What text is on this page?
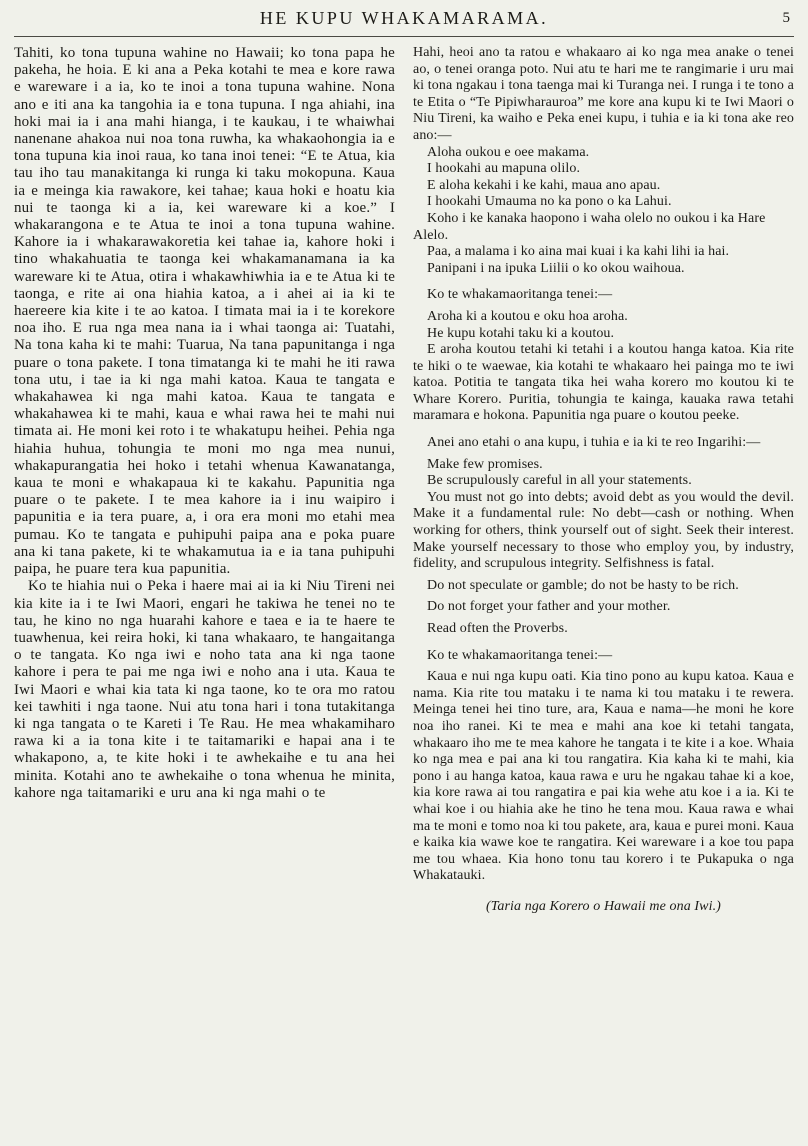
HE KUPU WHAKAMARAMA.	5

Tahiti, ko tona tupuna wahine no Hawaii; ko tona papa he pakeha, he hoia. E ki ana a Peka kotahi te mea e kore rawa e wareware i a ia, ko te inoi a tona tupuna wahine. Nona ano e iti ana ka tangohia ia e tona tupuna. I nga ahiahi, ina hoki mai ia i ana mahi hianga, i te kaukau, i te whaiwhai nanenane ahakoa nui noa tona ruwha, ka whakaohongia ia e tona tupuna kia inoi raua, ko tana inoi tenei: “E te Atua, kia tau iho tau manakitanga ki runga ki taku mokopuna. Kaua ia e meinga kia rawakore, kei tahae; kaua hoki e hoatu kia nui te taonga ki a ia, kei wareware ki a koe.” I whakarangona e te Atua te inoi a tona tupuna wahine. Kahore ia i whakarawakoretia kei tahae ia, kahore hoki i tino whakahuatia te taonga kei whakamanamana ia ka wareware ki te Atua, otira i whakawhiwhia ia e te Atua ki te taonga, e rite ai ona hiahia katoa, a i ahei ai ia ki te haereere kia kite i te ao katoa. I timata mai ia i te korekore noa iho. E rua nga mea nana ia i whai taonga ai: Tuatahi, Na tona kaha ki te mahi: Tuarua, Na tana papunitanga i nga puare o tona pakete. I tona timatanga ki te mahi he iti rawa tona utu, i tae ia ki nga mahi katoa. Kaua te tangata e whakahawea ki nga mahi katoa. Kaua te tangata e whakahawea ki te mahi, kaua e whai rawa hei te mahi nui timata ai. He moni kei roto i te whakatupu heihei. Pehia nga hiahia huhua, tohungia te moni mo nga mea nunui, whakapurangatia hei hoko i tetahi whenua Kawanatanga, kaua te moni e whakapaua ki te kakahu. Papunitia nga puare o te pakete. I te mea kahore ia i inu waipiro i papunitia e ia tera puare, a, i ora era moni mo etahi mea pumau. Ko te tangata e puhipuhi paipa ana e poka puare ana ki tana pakete, ki te whakamutua ia e ia tana puhipuhi paipa, he puare tera kua papunitia.

Ko te hiahia nui o Peka i haere mai ai ia ki Niu Tireni nei kia kite ia i te Iwi Maori, engari he takiwa he tenei no te tau, he kino no nga huarahi kahore e taea e ia te haere te tuawhenua, kei reira hoki, ki tana whakaaro, te hangaitanga o te tangata. Ko nga iwi e noho tata ana ki nga taone kahore i pera te pai me nga iwi e noho ana i uta. Kaua te Iwi Maori e whai kia tata ki nga taone, ko te ora mo ratou kei tawhiti i nga taone. Nui atu tona hari i tona tutakitanga ki nga tangata o te Kareti i Te Rau. He mea whakamiharo rawa ki a ia tona kite i te taitamariki e hapai ana i te whakapono, a, te kite hoki i te awhekaihe e tu ana hei minita. Kotahi ano te awhekaihe o tona whenua he minita, kahore nga taitamariki e uru ana ki nga mahi o te

Hahi, heoi ano ta ratou e whakaaro ai ko nga mea anake o tenei ao, o tenei oranga poto. Nui atu te hari me te rangimarie i uru mai ki tona ngakau i tona taenga mai ki Turanga nei. I runga i te tono a te Etita o “Te Pipiwharauroa” me kore ana kupu ki te Iwi Maori o Niu Tireni, ka waiho e Peka enei kupu, i tuhia e ia ki tona ake reo ano:—

Aloha oukou e oee makama.

I hookahi au mapuna olilo.

E aloha kekahi i ke kahi, maua ano apau.

I hookahi Umauma no ka pono o ka Lahui.

Koho i ke kanaka haopono i waha olelo no oukou i ka Hare Alelo.

Paa, a malama i ko aina mai kuai i ka kahi lihi ia hai.

Panipani i na ipuka Liilii o ko okou waihoua.

Ko te whakamaoritanga tenei:—

Aroha ki a koutou e oku hoa aroha.

He kupu kotahi taku ki a koutou.

E aroha koutou tetahi ki tetahi i a koutou hanga katoa. Kia rite te hiki o te waewae, kia kotahi te whakaaro hei painga mo te iwi katoa. Potitia te tangata tika hei waha korero mo koutou ki te Whare Korero. Puritia, tohungia te kainga, kauaka rawa tetahi maramara e hokona. Papunitia nga puare o koutou peeke.

Anei ano etahi o ana kupu, i tuhia e ia ki te reo Ingarihi:—

Make few promises.

Be scrupulously careful in all your statements.

You must not go into debts; avoid debt as you would the devil. Make it a fundamental rule: No debt—cash or nothing. When working for others, think yourself out of sight. Seek their interest. Make yourself necessary to those who employ you, by industry, fidelity, and scrupulous integrity. Selfishness is fatal.

Do not speculate or gamble; do not be hasty to be rich.

Do not forget your father and your mother.

Read often the Proverbs.

Ko te whakamaoritanga tenei:—

Kaua e nui nga kupu oati. Kia tino pono au kupu katoa. Kaua e nama. Kia rite tou mataku i te nama ki tou mataku i te rewera. Meinga tenei hei tino ture, ara, Kaua e nama—he moni he kore noa iho ranei. Ki te mea e mahi ana koe ki tetahi tangata, whakaaro iho me te mea kahore he tangata i te kite i a koe. Whaia ko nga mea e pai ana ki tou rangatira. Kia kaha ki te mahi, kia pono i au hanga katoa, kaua rawa e uru he ngakau tahae ki a koe, kia kore rawa ai tou rangatira e pai kia wehe atu koe i a ia. Ki te whai koe i ou hiahia ake he tino he tena mou. Kaua rawa e whai ma te moni e tomo noa ki tou pakete, ara, kaua e purei moni. Kaua e kaika kia wawe koe te rangatira. Kei wareware i a koe tou papa me tou whaea. Kia hono tonu tau korero i te Pukapuka o nga Whakatauki.

(Taria nga Korero o Hawaii me ona Iwi.)
